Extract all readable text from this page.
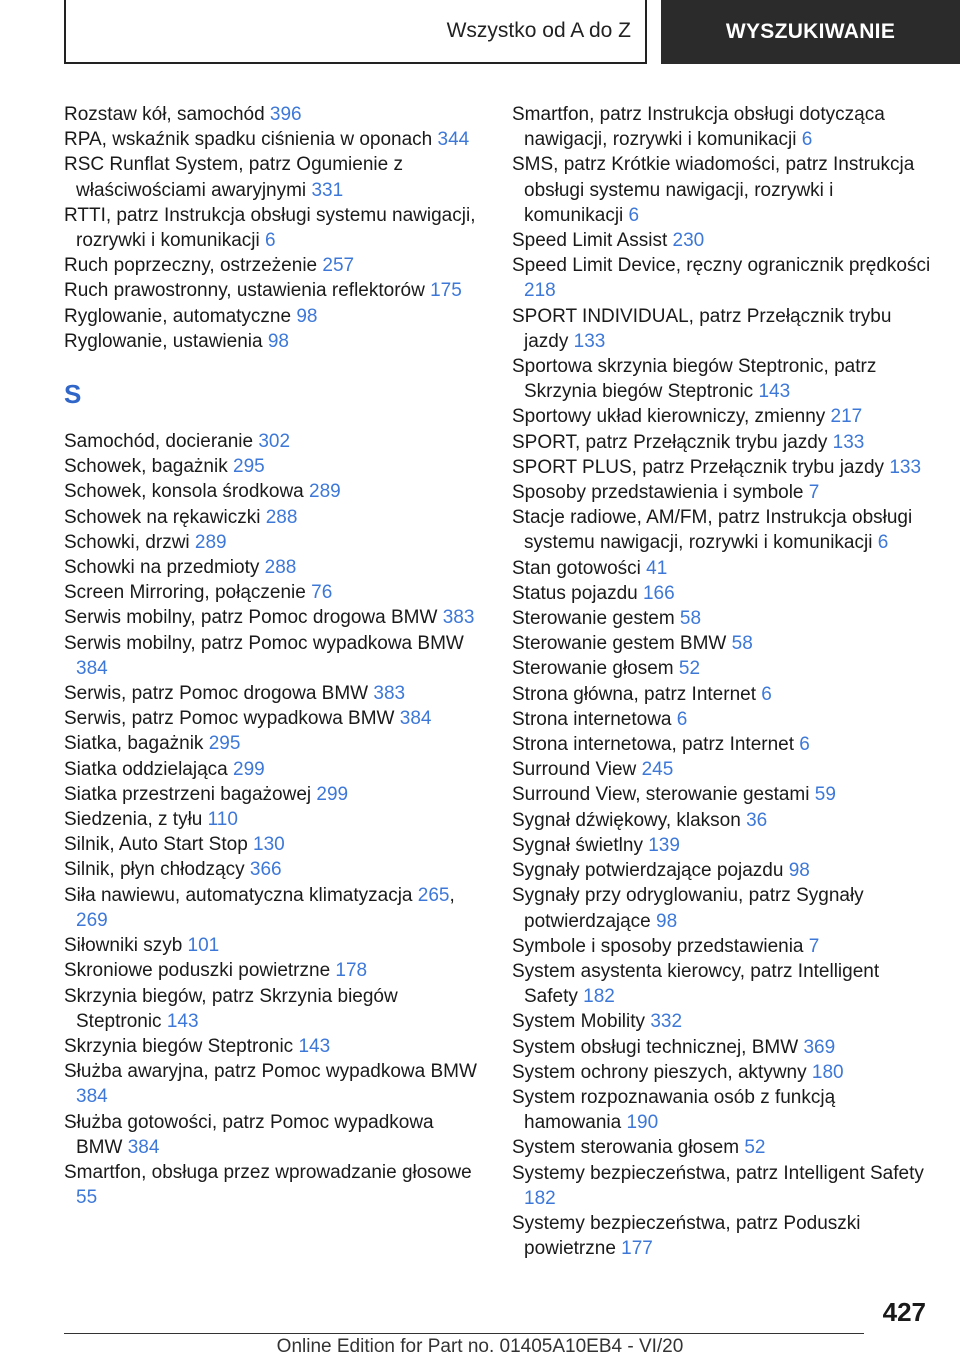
Wszystko od A do Z	WYSZUKIWANIE
Rozstaw kół, samochód 396
RPA, wskaźnik spadku ciśnienia w oponach 344
RSC Runflat System, patrz Ogumienie z właściwościami awaryjnymi 331
RTTI, patrz Instrukcja obsługi systemu nawigacji, rozrywki i komunikacji 6
Ruch poprzeczny, ostrzeżenie 257
Ruch prawostronny, ustawienia reflektorów 175
Ryglowanie, automatyczne 98
Ryglowanie, ustawienia 98
S
Samochód, docieranie 302
Schowek, bagażnik 295
Schowek, konsola środkowa 289
Schowek na rękawiczki 288
Schowki, drzwi 289
Schowki na przedmioty 288
Screen Mirroring, połączenie 76
Serwis mobilny, patrz Pomoc drogowa BMW 383
Serwis mobilny, patrz Pomoc wypadkowa BMW 384
Serwis, patrz Pomoc drogowa BMW 383
Serwis, patrz Pomoc wypadkowa BMW 384
Siatka, bagażnik 295
Siatka oddzielająca 299
Siatka przestrzeni bagażowej 299
Siedzenia, z tyłu 110
Silnik, Auto Start Stop 130
Silnik, płyn chłodzący 366
Siła nawiewu, automatyczna klimatyzacja 265, 269
Siłowniki szyb 101
Skroniowe poduszki powietrzne 178
Skrzynia biegów, patrz Skrzynia biegów Steptronic 143
Skrzynia biegów Steptronic 143
Służba awaryjna, patrz Pomoc wypadkowa BMW 384
Służba gotowości, patrz Pomoc wypadkowa BMW 384
Smartfon, obsługa przez wprowadzanie głosowe 55
Smartfon, patrz Instrukcja obsługi dotycząca nawigacji, rozrywki i komunikacji 6
SMS, patrz Krótkie wiadomości, patrz Instrukcja obsługi systemu nawigacji, rozrywki i komunikacji 6
Speed Limit Assist 230
Speed Limit Device, ręczny ogranicznik prędkości 218
SPORT INDIVIDUAL, patrz Przełącznik trybu jazdy 133
Sportowa skrzynia biegów Steptronic, patrz Skrzynia biegów Steptronic 143
Sportowy układ kierowniczy, zmienny 217
SPORT, patrz Przełącznik trybu jazdy 133
SPORT PLUS, patrz Przełącznik trybu jazdy 133
Sposoby przedstawienia i symbole 7
Stacje radiowe, AM/FM, patrz Instrukcja obsługi systemu nawigacji, rozrywki i komunikacji 6
Stan gotowości 41
Status pojazdu 166
Sterowanie gestem 58
Sterowanie gestem BMW 58
Sterowanie głosem 52
Strona główna, patrz Internet 6
Strona internetowa 6
Strona internetowa, patrz Internet 6
Surround View 245
Surround View, sterowanie gestami 59
Sygnał dźwiękowy, klakson 36
Sygnał świetlny 139
Sygnały potwierdzające pojazdu 98
Sygnały przy odryglowaniu, patrz Sygnały potwierdzające 98
Symbole i sposoby przedstawienia 7
System asystenta kierowcy, patrz Intelligent Safety 182
System Mobility 332
System obsługi technicznej, BMW 369
System ochrony pieszych, aktywny 180
System rozpoznawania osób z funkcją hamowania 190
System sterowania głosem 52
Systemy bezpieczeństwa, patrz Intelligent Safety 182
Systemy bezpieczeństwa, patrz Poduszki powietrzne 177
427
Online Edition for Part no. 01405A10EB4 - VI/20
